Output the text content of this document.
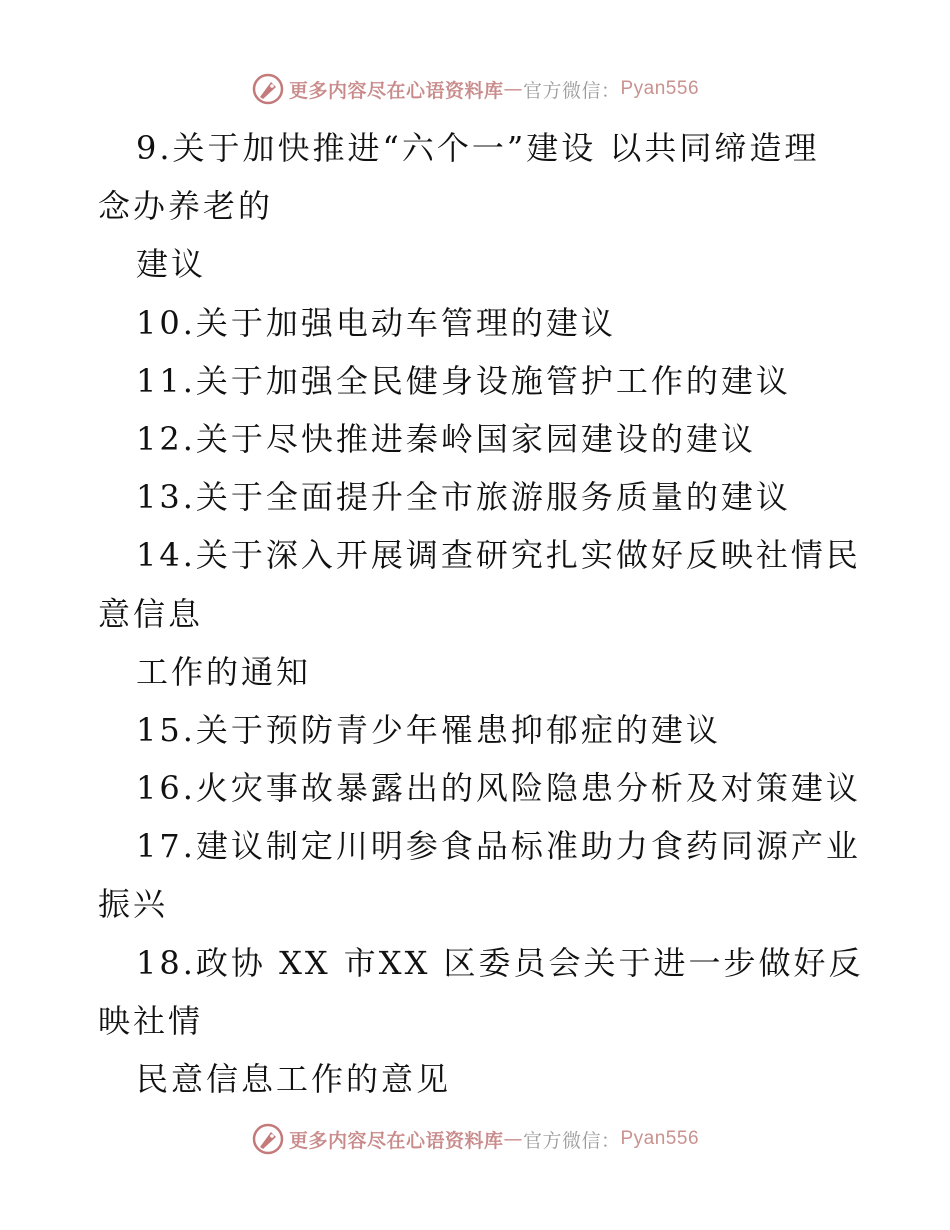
更多内容尽在心语资料库 — 官方微信： Pyan556
9.关于加快推进“六个一”建设 以共同缔造理
念办养老的
建议
10.关于加强电动车管理的建议
11.关于加强全民健身设施管护工作的建议
12.关于尽快推进秦岭国家园建设的建议
13.关于全面提升全市旅游服务质量的建议
14.关于深入开展调查研究扎实做好反映社情民
意信息
工作的通知
15.关于预防青少年罹患抑郁症的建议
16.火灾事故暴露出的风险隐患分析及对策建议
17.建议制定川明参食品标准助力食药同源产业
振兴
18.政协 XX 市XX 区委员会关于进一步做好反
映社情
民意信息工作的意见
更多内容尽在心语资料库 — 官方微信： Pyan556
